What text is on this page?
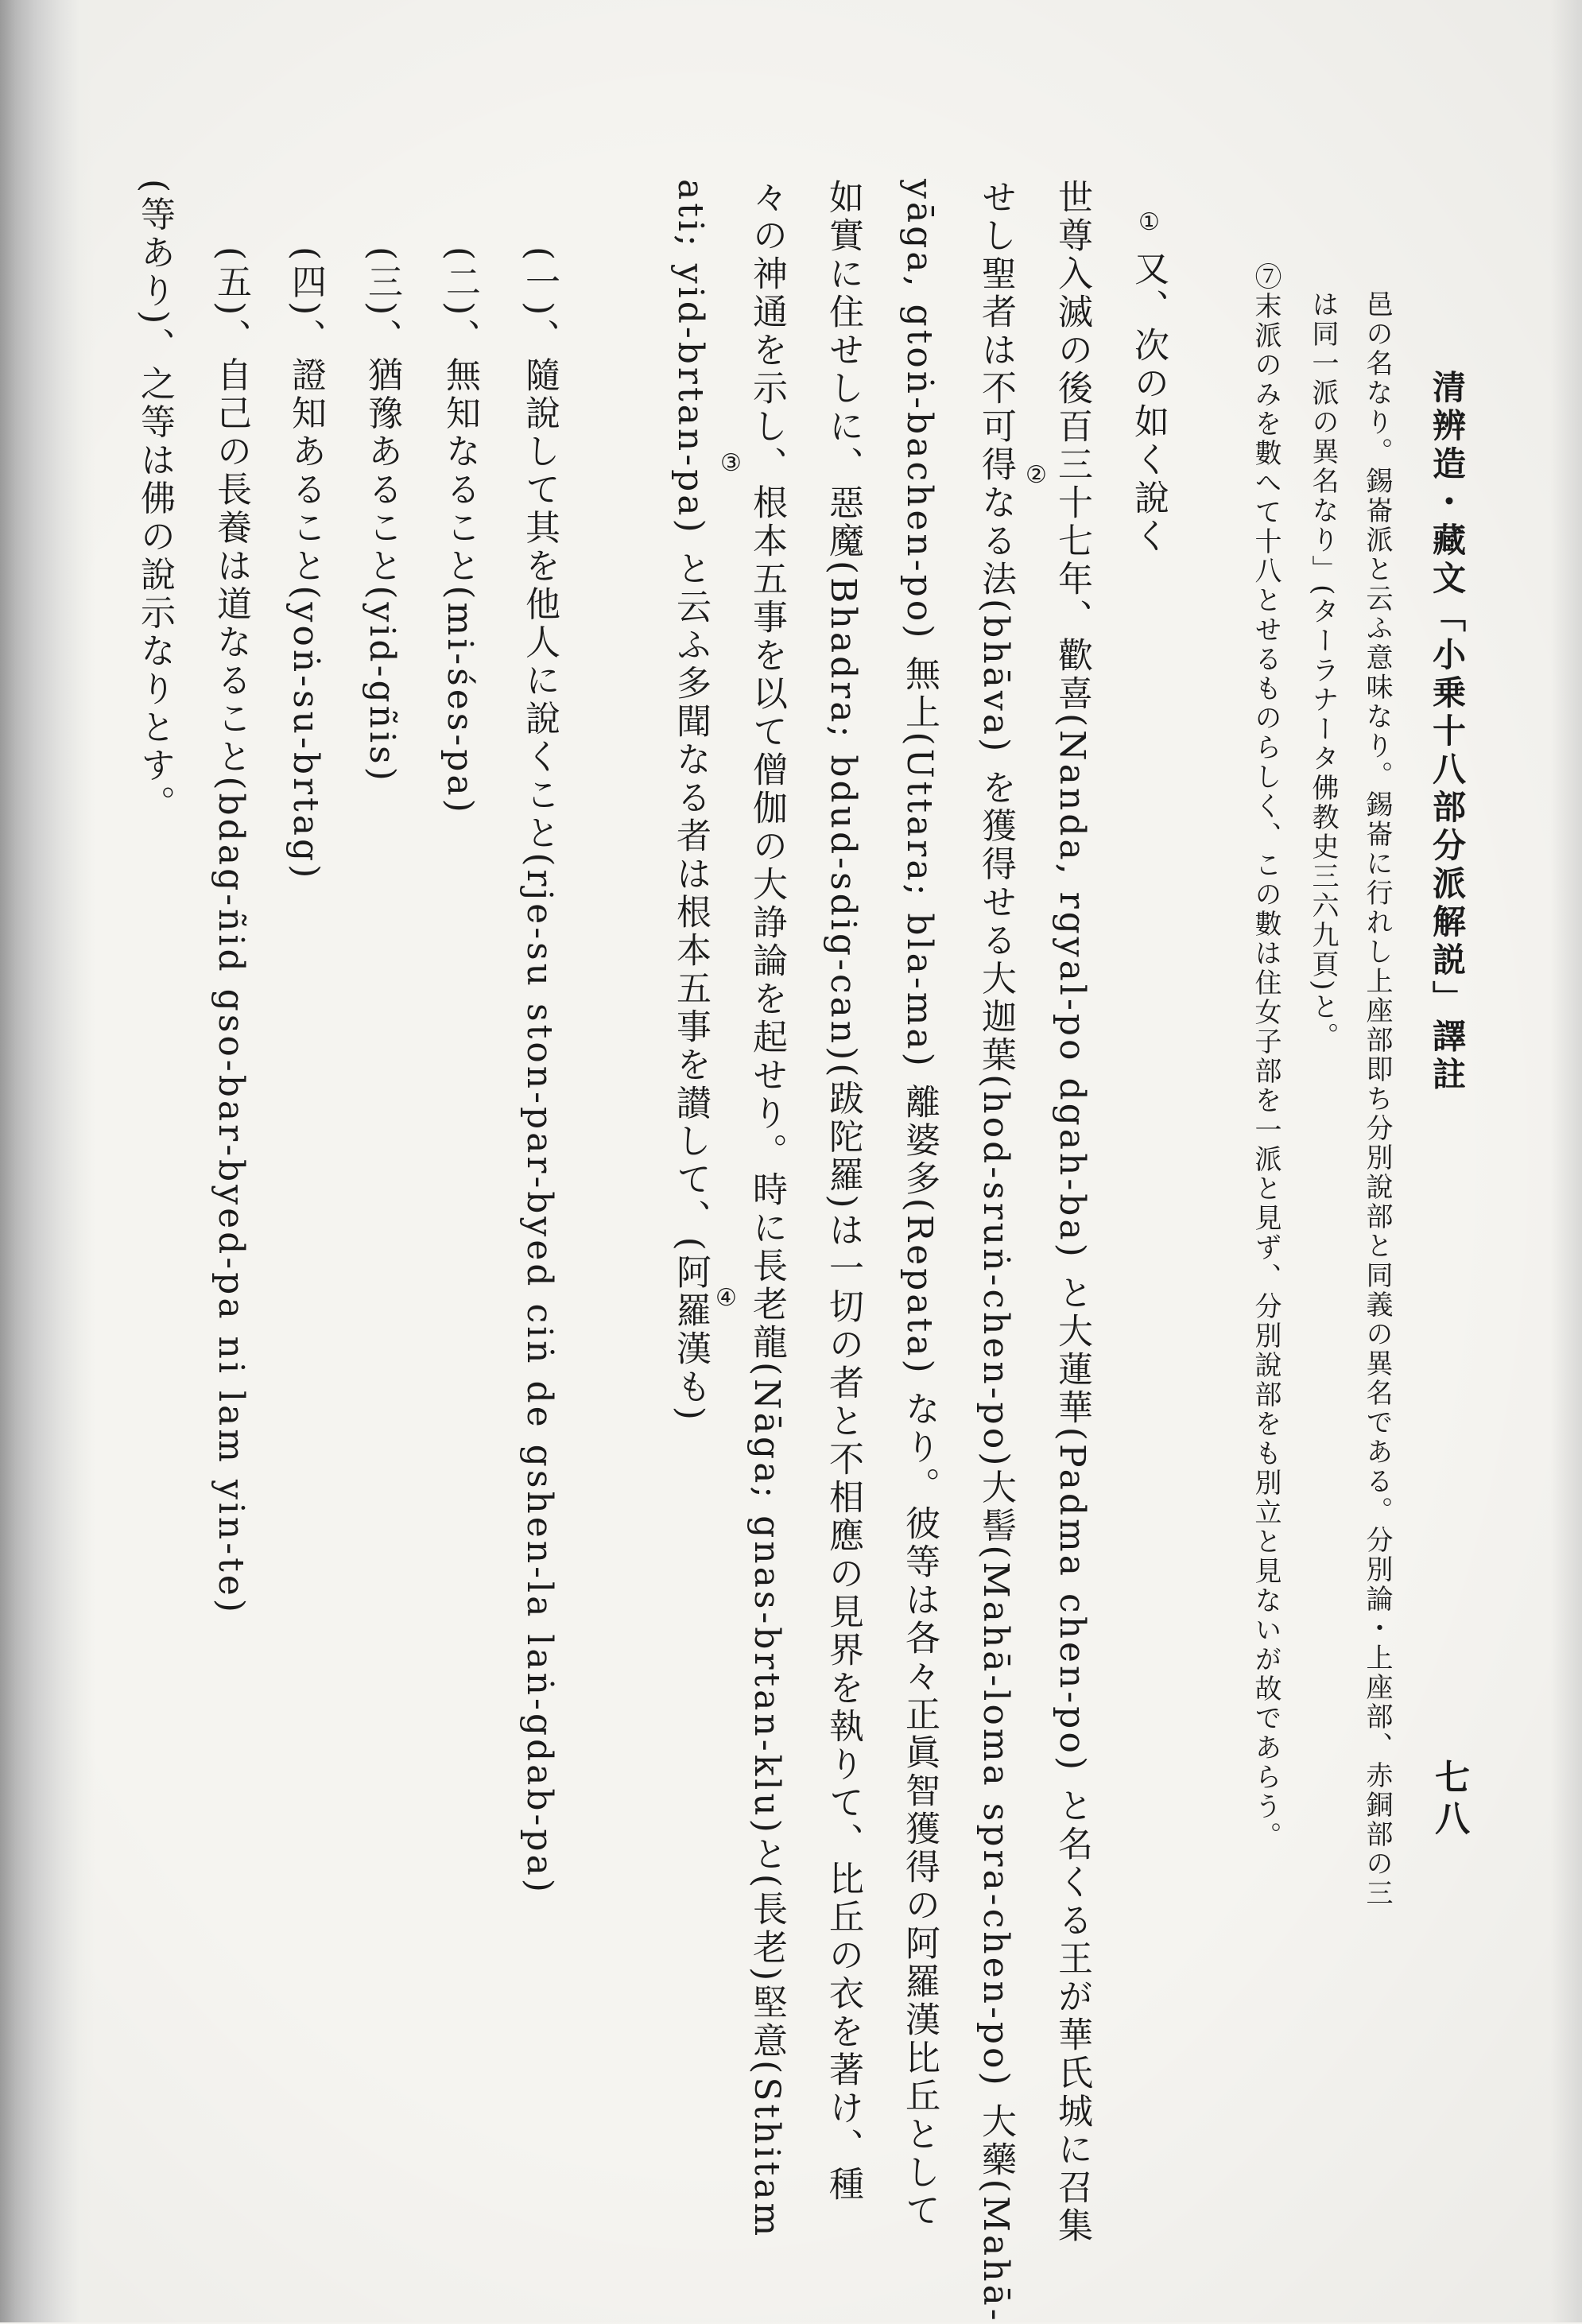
清辨造・藏文「小乗十八部分派解説」譯註
七八
邑の名なり。錫崙派と云ふ意味なり。錫崙に行れし上座部即ち分別說部と同義の異名である。分別論・上座部、赤銅部の三
は同一派の異名なり」(ターラナータ佛教史三六九頁)と。
⑦末派のみを數へて十八とせるものらしく、この數は住女子部を一派と見ず、分別說部をも別立と見ないが故であらう。
又、次の如く說く
①
世尊入滅の後百三十七年、歡喜(Nanda, rgyal-po dgah-ba) と大蓮華(Padma chen-po) と名くる王が華氏城に召集
②
せし聖者は不可得なる法(bhāva) を獲得せる大迦葉(hod-sruṅ-chen-po)大髻(Mahā-loma spra-chen-po) 大藥(Mahā-
yāga, gtoṅ-bachen-po) 無上(Uttara; bla-ma) 離婆多(Repata) なり。彼等は各々正眞智獲得の阿羅漢比丘として
如實に住せしに、惡魔(Bhadra; bdud-sdig-can)(跋陀羅)は一切の者と不相應の見界を執りて、比丘の衣を著け、種
々の神通を示し、根本五事を以て僧伽の大諍論を起せり。時に長老龍(Nāga; gnas-brtan-klu)と(長老)堅意(Sthitam
③
④
ati; yid-brtan-pa) と云ふ多聞なる者は根本五事を讃して、(阿羅漢も)
(一)、隨說して其を他人に說くこと(rje-su ston-par-byed ciṅ de gshen-la laṅ-gdab-pa)
(二)、無知なること(mi-śes-pa)
(三)、猶豫あること(yid-gñis)
(四)、證知あること(yoṅ-su-brtag)
(五)、自己の長養は道なること(bdag-ñid gso-bar-byed-pa ni lam yin-te)
(等あり)、之等は佛の說示なりとす。
